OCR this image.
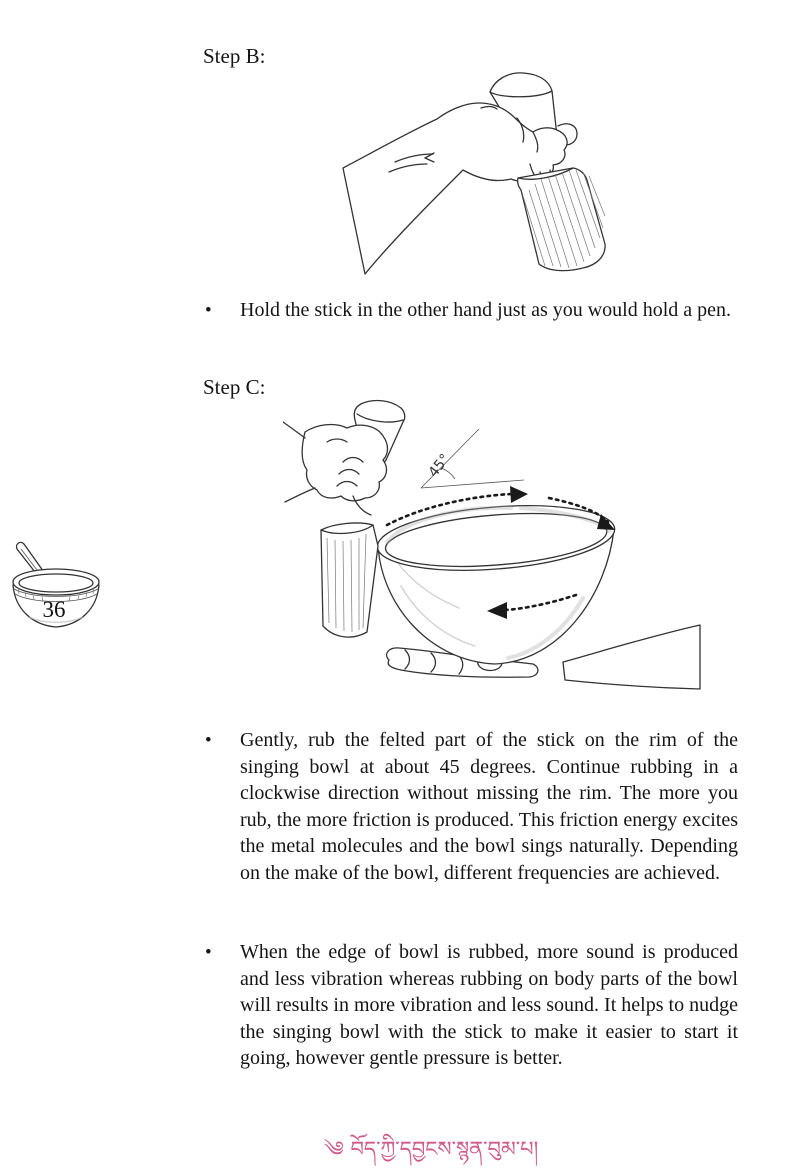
Step B:
•	Hold the stick in the other hand just as you would hold a pen.

Step C:
45°
36
•	Gently, rub the felted part of the stick on the rim of the singing bowl at about 45 degrees. Continue rubbing in a clockwise direction without missing the rim. The more you rub, the more friction is produced. This friction energy excites the metal molecules and the bowl sings naturally. Depending on the make of the bowl, different frequencies are achieved.

•	When the edge of bowl is rubbed, more sound is produced and less vibration whereas rubbing on body parts of the bowl will results in more vibration and less sound. It helps to nudge the singing bowl with the stick to make it easier to start it going, however gentle pressure is better.

༄ བོད་ཀྱི་དབྱངས་སྙན་བུམ་པ།
